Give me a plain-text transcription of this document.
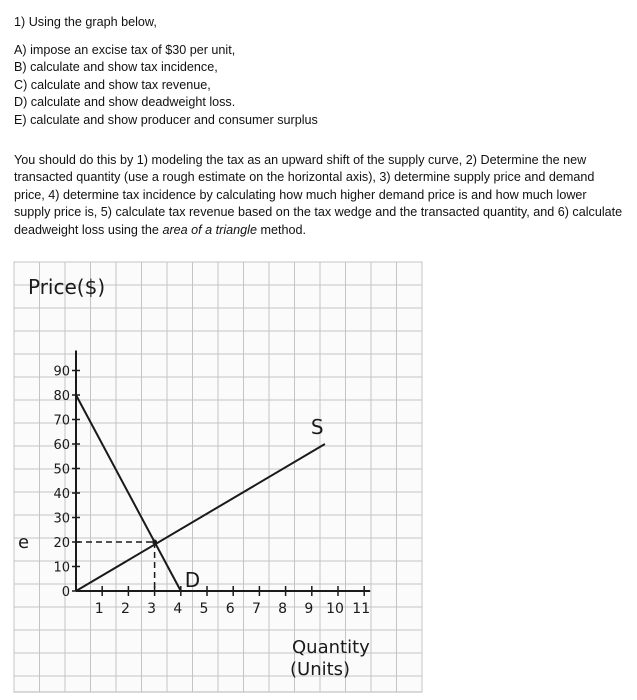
1) Using the graph below,
A) impose an excise tax of $30 per unit,
B) calculate and show tax incidence,
C) calculate and show tax revenue,
D) calculate and show deadweight loss.
E) calculate and show producer and consumer surplus

You should do this by 1) modeling the tax as an upward shift of the supply curve, 2) Determine the new transacted quantity (use a rough estimate on the horizontal axis), 3) determine supply price and demand price, 4) determine tax incidence by calculating how much higher demand price is and how much lower supply price is, 5) calculate tax revenue based on the tax wedge and the transacted quantity, and 6) calculate deadweight loss using the area of a triangle method.

Price($)
0
10
20
30
40
50
60
70
80
90
1 2 3 4 5 6 7 8 9 10 11
Quantity
(Units)
D
S
e
